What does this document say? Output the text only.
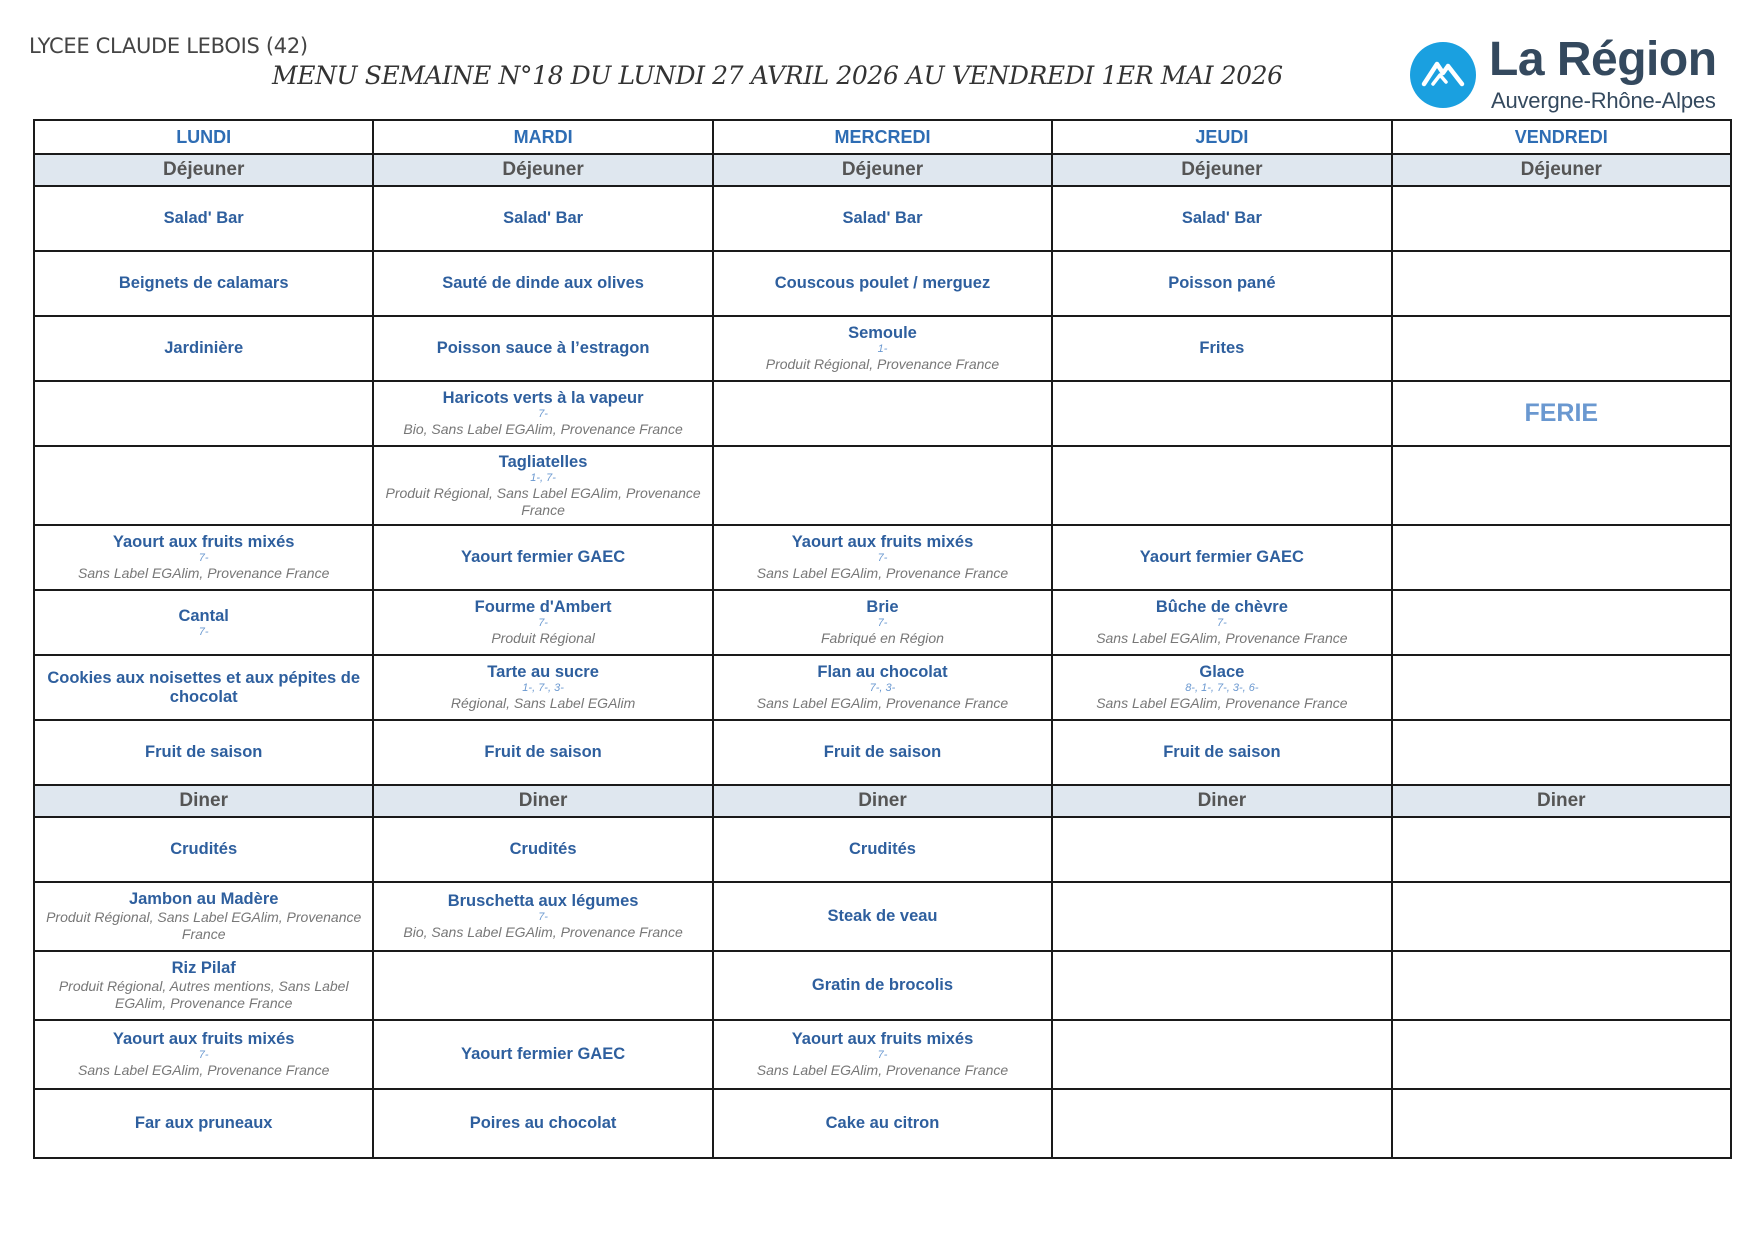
LYCEE CLAUDE LEBOIS (42)
MENU SEMAINE N°18 DU LUNDI 27 AVRIL 2026 AU VENDREDI 1ER MAI 2026	La Région
Auvergne-Rhône-Alpes
LUNDI	MARDI	MERCREDI	JEUDI	VENDREDI
Déjeuner	Déjeuner	Déjeuner	Déjeuner	Déjeuner

Salad' Bar	Salad' Bar	Salad' Bar	Salad' Bar	

Beignets de calamars	Sauté de dinde aux olives	Couscous poulet / merguez	Poisson pané	

Jardinière	Poisson sauce à l’estragon	Semoule
1-
Produit Régional, Provenance France	Frites	

	Haricots verts à la vapeur
7-
Bio, Sans Label EGAlim, Provenance France			FERIE

	Tagliatelles
1-, 7-
Produit Régional, Sans Label EGAlim, Provenance France			

Yaourt aux fruits mixés
7-
Sans Label EGAlim, Provenance France	Yaourt fermier GAEC	Yaourt aux fruits mixés
7-
Sans Label EGAlim, Provenance France	Yaourt fermier GAEC	

Cantal
7-	Fourme d'Ambert
7-
Produit Régional	Brie
7-
Fabriqué en Région	Bûche de chèvre
7-
Sans Label EGAlim, Provenance France	

Cookies aux noisettes et aux pépites de chocolat	Tarte au sucre
1-, 7-, 3-
Régional, Sans Label EGAlim	Flan au chocolat
7-, 3-
Sans Label EGAlim, Provenance France	Glace
8-, 1-, 7-, 3-, 6-
Sans Label EGAlim, Provenance France	

Fruit de saison	Fruit de saison	Fruit de saison	Fruit de saison	

Diner	Diner	Diner	Diner	Diner

Crudités	Crudités	Crudités		

Jambon au Madère
Produit Régional, Sans Label EGAlim, Provenance France	Bruschetta aux légumes
7-
Bio, Sans Label EGAlim, Provenance France	Steak de veau		

Riz Pilaf
Produit Régional, Autres mentions, Sans Label EGAlim, Provenance France		Gratin de brocolis		

Yaourt aux fruits mixés
7-
Sans Label EGAlim, Provenance France	Yaourt fermier GAEC	Yaourt aux fruits mixés
7-
Sans Label EGAlim, Provenance France		

Far aux pruneaux	Poires au chocolat	Cake au citron		
